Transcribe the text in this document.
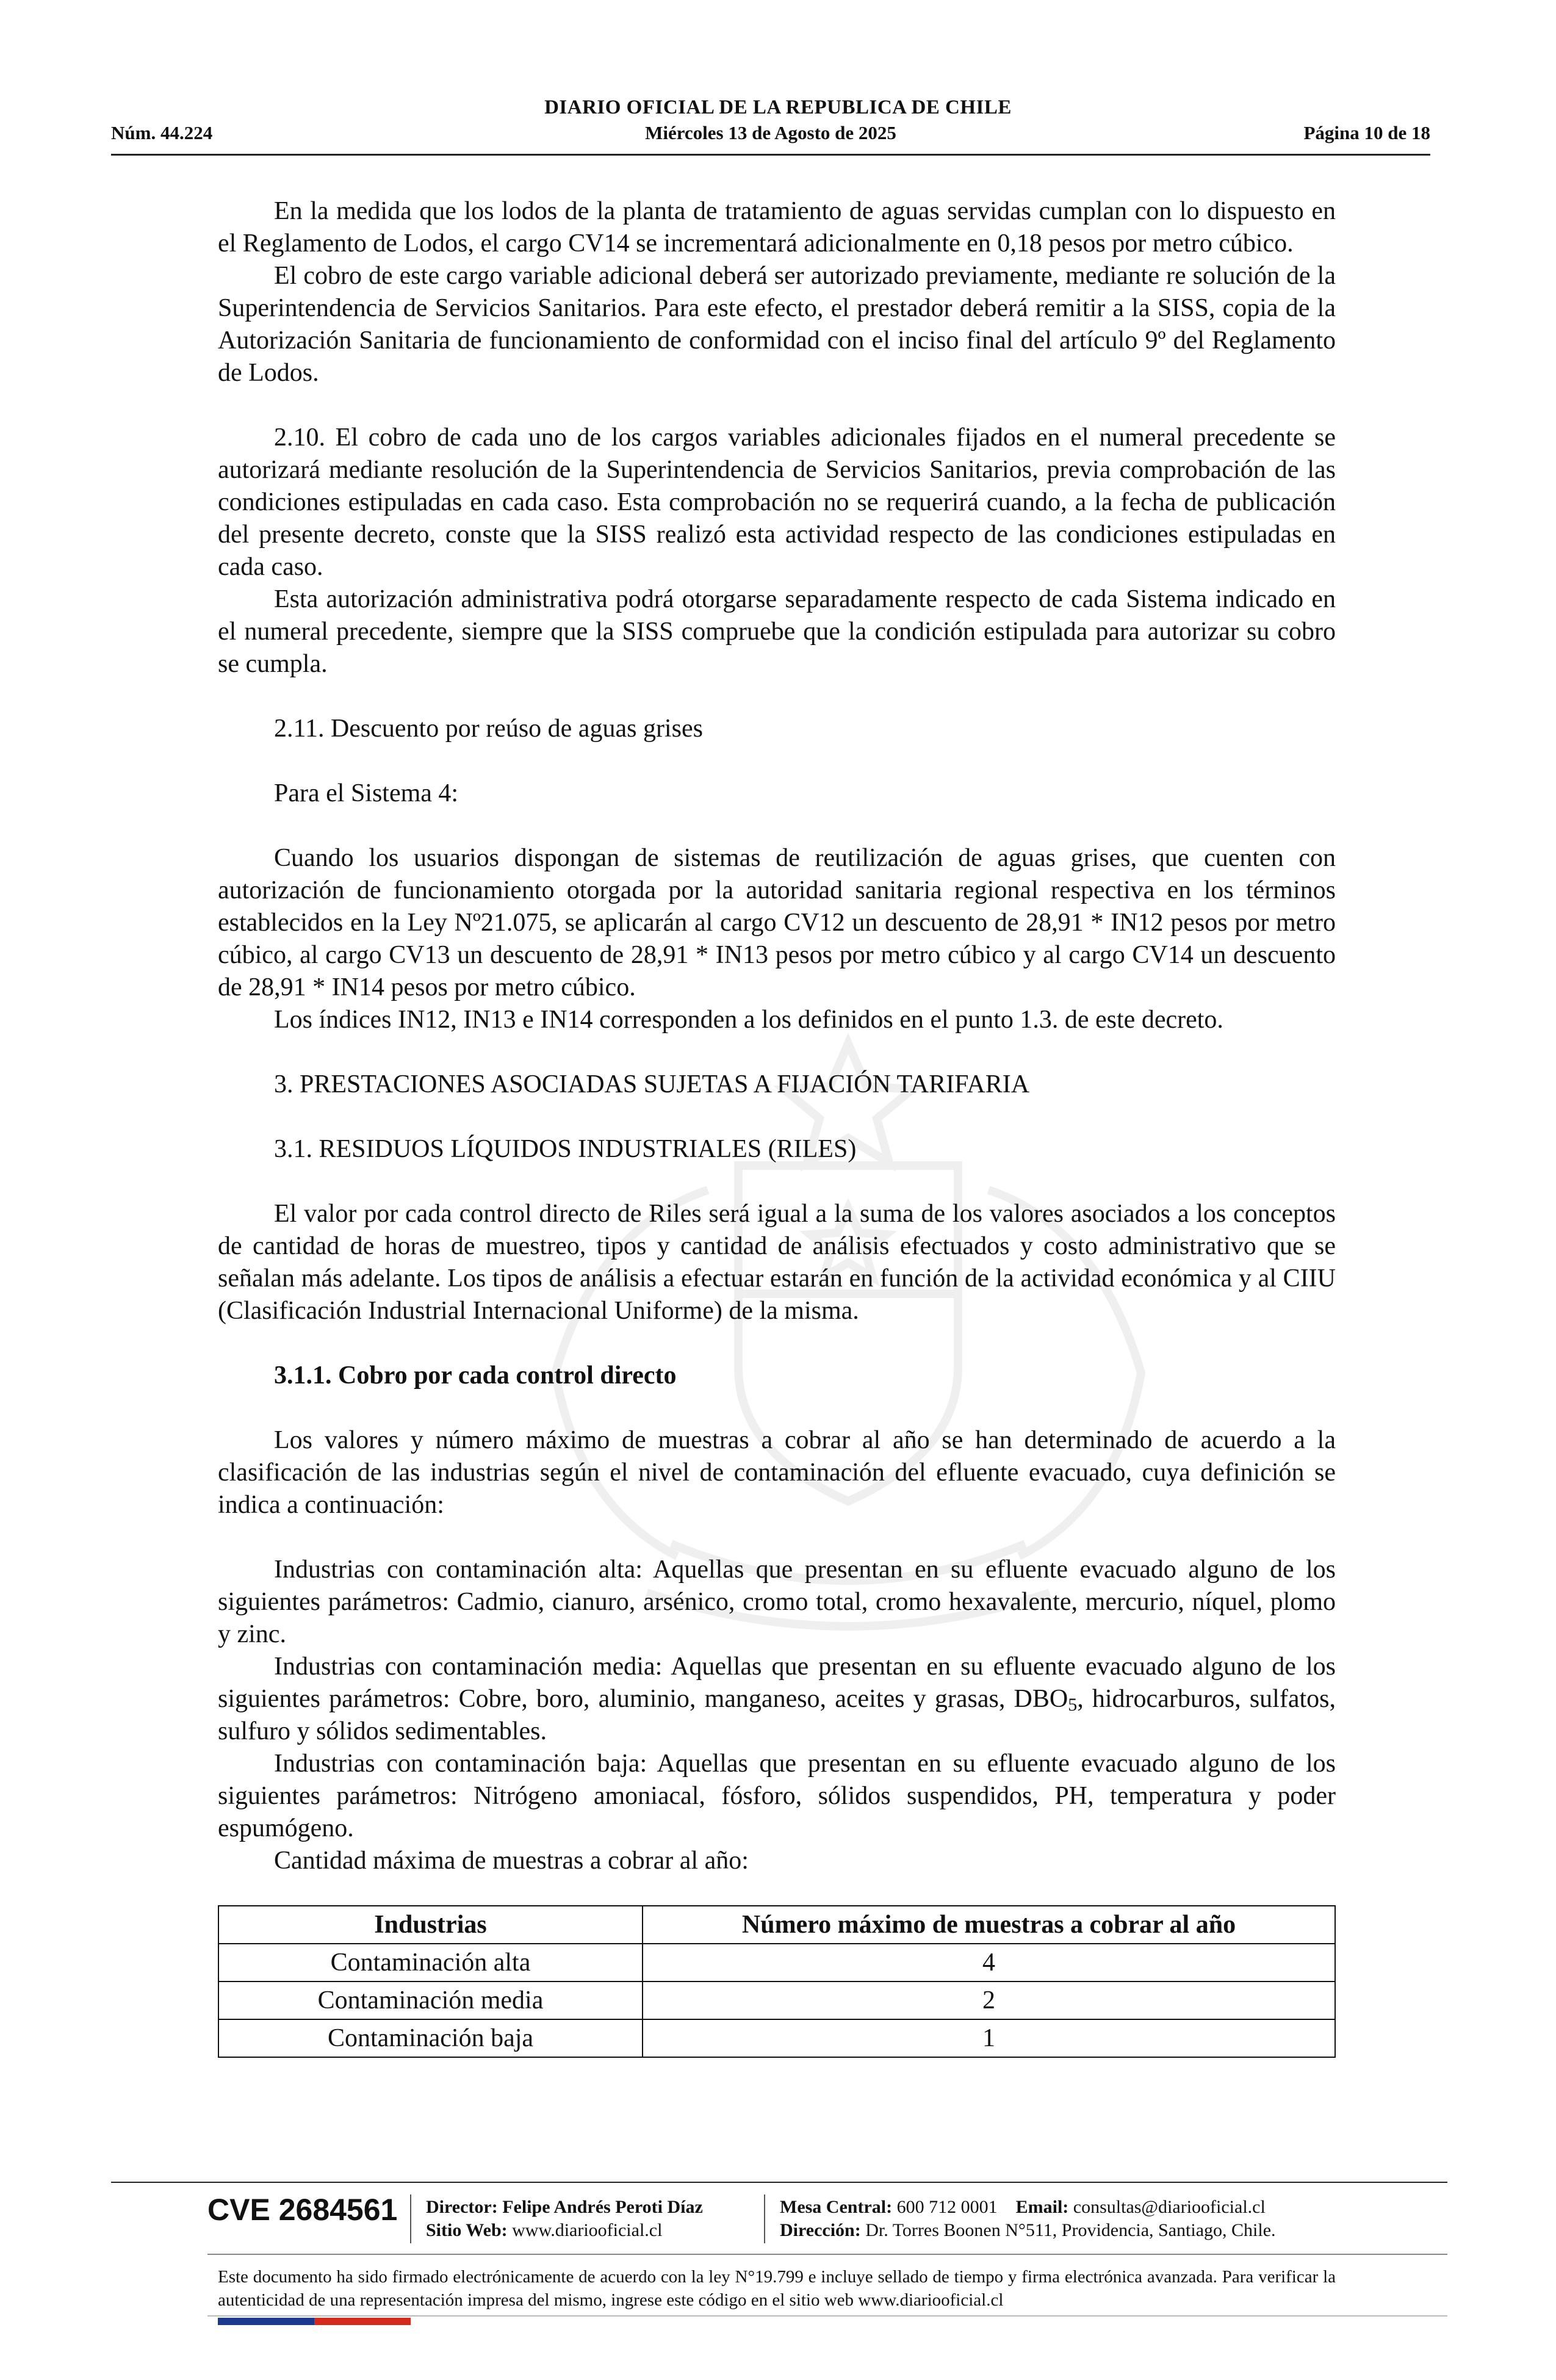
DIARIO OFICIAL DE LA REPUBLICA DE CHILE
Núm. 44.224	Miércoles 13 de Agosto de 2025	Página 10 de 18

En la medida que los lodos de la planta de tratamiento de aguas servidas cumplan con lo dispuesto en el Reglamento de Lodos, el cargo CV14 se incrementará adicionalmente en 0,18 pesos por metro cúbico.

El cobro de este cargo variable adicional deberá ser autorizado previamente, mediante re solución de la Superintendencia de Servicios Sanitarios. Para este efecto, el prestador deberá remitir a la SISS, copia de la Autorización Sanitaria de funcionamiento de conformidad con el inciso final del artículo 9º del Reglamento de Lodos.

2.10. El cobro de cada uno de los cargos variables adicionales fijados en el numeral precedente se autorizará mediante resolución de la Superintendencia de Servicios Sanitarios, previa comprobación de las condiciones estipuladas en cada caso. Esta comprobación no se requerirá cuando, a la fecha de publicación del presente decreto, conste que la SISS realizó esta actividad respecto de las condiciones estipuladas en cada caso.

Esta autorización administrativa podrá otorgarse separadamente respecto de cada Sistema indicado en el numeral precedente, siempre que la SISS compruebe que la condición estipulada para autorizar su cobro se cumpla.

2.11. Descuento por reúso de aguas grises

Para el Sistema 4:

Cuando los usuarios dispongan de sistemas de reutilización de aguas grises, que cuenten con autorización de funcionamiento otorgada por la autoridad sanitaria regional respectiva en los términos establecidos en la Ley Nº21.075, se aplicarán al cargo CV12 un descuento de 28,91 * IN12 pesos por metro cúbico, al cargo CV13 un descuento de 28,91 * IN13 pesos por metro cúbico y al cargo CV14 un descuento de 28,91 * IN14 pesos por metro cúbico.

Los índices IN12, IN13 e IN14 corresponden a los definidos en el punto 1.3. de este decreto.

3. PRESTACIONES ASOCIADAS SUJETAS A FIJACIÓN TARIFARIA

3.1. RESIDUOS LÍQUIDOS INDUSTRIALES (RILES)

El valor por cada control directo de Riles será igual a la suma de los valores asociados a los conceptos de cantidad de horas de muestreo, tipos y cantidad de análisis efectuados y costo administrativo que se señalan más adelante. Los tipos de análisis a efectuar estarán en función de la actividad económica y al CIIU (Clasificación Industrial Internacional Uniforme) de la misma.

3.1.1. Cobro por cada control directo

Los valores y número máximo de muestras a cobrar al año se han determinado de acuerdo a la clasificación de las industrias según el nivel de contaminación del efluente evacuado, cuya definición se indica a continuación:

Industrias con contaminación alta: Aquellas que presentan en su efluente evacuado alguno de los siguientes parámetros: Cadmio, cianuro, arsénico, cromo total, cromo hexavalente, mercurio, níquel, plomo y zinc.

Industrias con contaminación media: Aquellas que presentan en su efluente evacuado alguno de los siguientes parámetros: Cobre, boro, aluminio, manganeso, aceites y grasas, $DBO_5$, hidrocarburos, sulfatos, sulfuro y sólidos sedimentables.

Industrias con contaminación baja: Aquellas que presentan en su efluente evacuado alguno de los siguientes parámetros: Nitrógeno amoniacal, fósforo, sólidos suspendidos, PH, temperatura y poder espumógeno.

Cantidad máxima de muestras a cobrar al año:

Industrias	Número máximo de muestras a cobrar al año
Contaminación alta	4
Contaminación media	2
Contaminación baja	1
CVE 2684561 Director: Felipe Andrés Peroti Díaz
Sitio Web: www.diariooficial.cl
Mesa Central: 600 712 0001 Email: consultas@diariooficial.cl
Dirección: Dr. Torres Boonen N°511, Providencia, Santiago, Chile.
Este documento ha sido firmado electrónicamente de acuerdo con la ley N°19.799 e incluye sellado de tiempo y firma electrónica avanzada. Para verificar la autenticidad de una representación impresa del mismo, ingrese este código en el sitio web www.diariooficial.cl
